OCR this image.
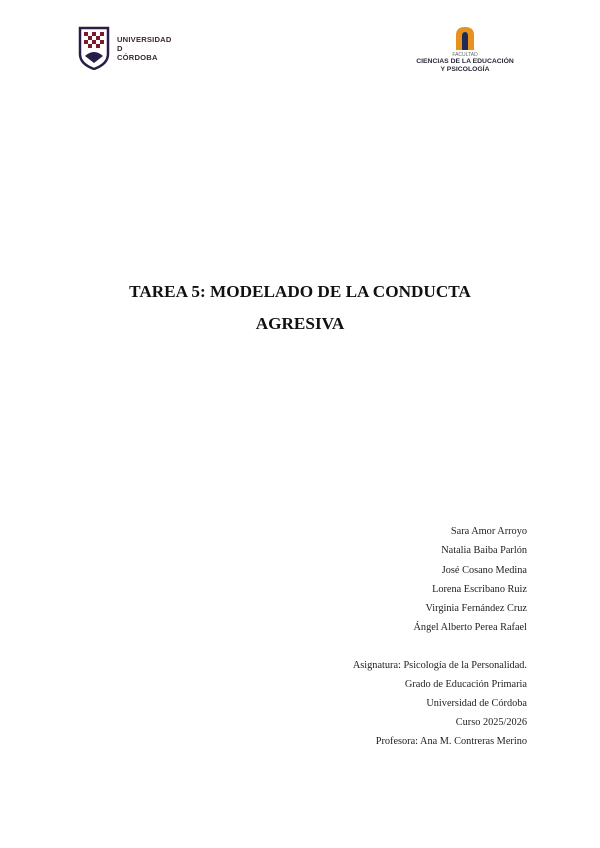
UNIVERSIDAD
D
CÓRDOBA	FACULTAD
CIENCIAS DE LA EDUCACIÓN
Y PSICOLOGÍA
TAREA 5: MODELADO DE LA CONDUCTA
AGRESIVA
Sara Amor Arroyo
Natalia Baiba Parlón
José Cosano Medina
Lorena Escribano Ruiz
Virginia Fernández Cruz
Ángel Alberto Perea Rafael
Asignatura: Psicología de la Personalidad.
Grado de Educación Primaria
Universidad de Córdoba
Curso 2025/2026
Profesora: Ana M. Contreras Merino
